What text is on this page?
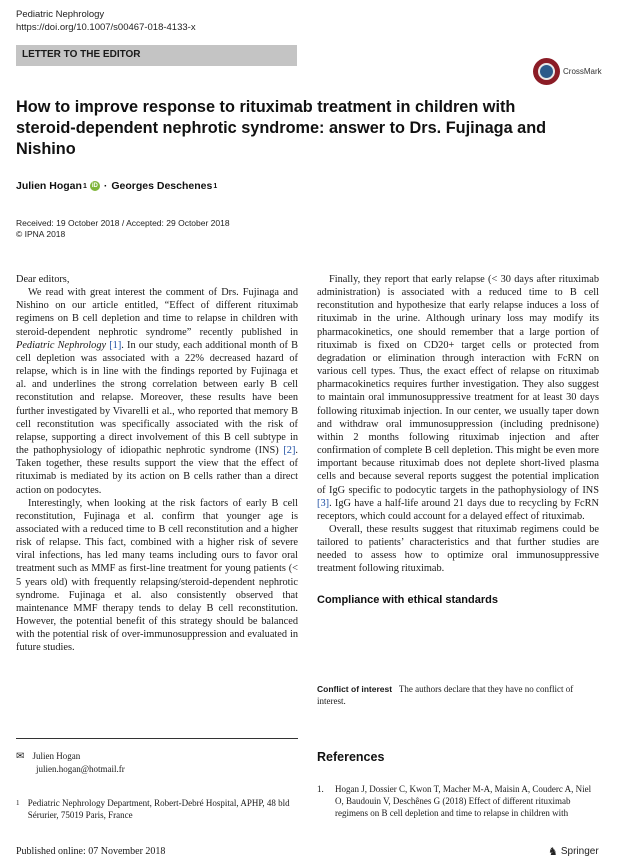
Pediatric Nephrology
https://doi.org/10.1007/s00467-018-4133-x
LETTER TO THE EDITOR
CrossMark
How to improve response to rituximab treatment in children with steroid-dependent nephrotic syndrome: answer to Drs. Fujinaga and Nishino
Julien Hogan 1 iD · Georges Deschenes 1
Received: 19 October 2018 / Accepted: 29 October 2018
© IPNA 2018

Dear editors,

We read with great interest the comment of Drs. Fujinaga and Nishino on our article entitled, “Effect of different rituximab regimens on B cell depletion and time to relapse in children with steroid-dependent nephrotic syndrome” recently published in Pediatric Nephrology [1]. In our study, each additional month of B cell depletion was associated with a 22% decreased hazard of relapse, which is in line with the findings reported by Fujinaga et al. and underlines the strong correlation between early B cell reconstitution and relapse. Moreover, these results have been further investigated by Vivarelli et al., who reported that memory B cell reconstitution was specifically associated with the risk of relapse, supporting a direct involvement of this B cell subtype in the pathophysiology of idiopathic nephrotic syndrome (INS) [2]. Taken together, these results support the view that the effect of rituximab is mediated by its action on B cells rather than a direct action on podocytes.

Interestingly, when looking at the risk factors of early B cell reconstitution, Fujinaga et al. confirm that younger age is associated with a reduced time to B cell reconstitution and a higher risk of relapse. This fact, combined with a higher risk of severe viral infections, has led many teams including ours to favor oral treatment such as MMF as first-line treatment for young patients (< 5 years old) with frequently relapsing/steroid-dependent nephrotic syndrome. Fujinaga et al. also consistently observed that maintenance MMF therapy tends to delay B cell reconstitution. However, the potential benefit of this strategy should be balanced with the potential risk of over-immunosuppression and evaluated in future studies.

Finally, they report that early relapse (< 30 days after rituximab administration) is associated with a reduced time to B cell reconstitution and hypothesize that early relapse induces a loss of rituximab in the urine. Although urinary loss may modify its pharmacokinetics, one should remember that a large portion of rituximab is fixed on CD20+ target cells or protected from degradation or elimination through interaction with FcRN on various cell types. Thus, the exact effect of relapse on rituximab pharmacokinetics requires further investigation. They also suggest to maintain oral immunosuppressive treatment for at least 30 days following rituximab injection. In our center, we usually taper down and withdraw oral immunosuppression (including prednisone) within 2 months following rituximab injection and after confirmation of complete B cell depletion. This might be even more important because rituximab does not deplete short-lived plasma cells and because several reports suggest the potential implication of IgG specific to podocytic targets in the pathophysiology of INS [3]. IgG have a half-life around 21 days due to recycling by FcRN receptors, which could account for a delayed effect of rituximab.

Overall, these results suggest that rituximab regimens could be tailored to patients’ characteristics and that further studies are needed to assess how to optimize oral immunosuppressive treatment following rituximab.

Compliance with ethical standards
Conflict of interest The authors declare that they have no conflict of interest.
✉ Julien Hogan
julien.hogan@hotmail.fr
1 Pediatric Nephrology Department, Robert-Debré Hospital, APHP, 48 bld Sérurier, 75019 Paris, France
Published online: 07 November 2018
References
1.	Hogan J, Dossier C, Kwon T, Macher M-A, Maisin A, Couderc A, Niel O, Baudouin V, Deschênes G (2018) Effect of different rituximab regimens on B cell depletion and time to relapse in children with
♞ Springer
